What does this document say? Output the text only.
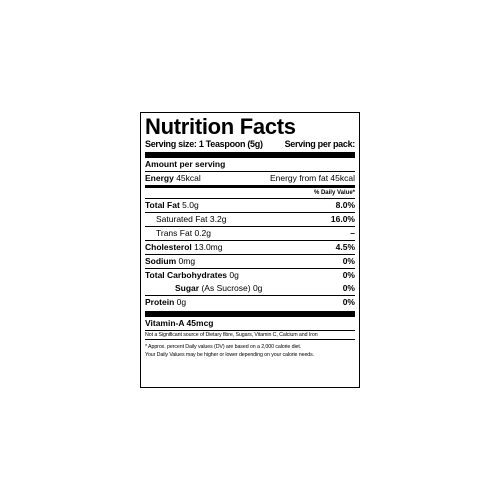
Nutrition Facts
Serving size: 1 Teaspoon (5g) Serving per pack:
Amount per serving
Energy 45kcal	Energy from fat 45kcal
% Daily Value*
Total Fat 5.0g	8.0%
Saturated Fat 3.2g	16.0%
Trans Fat 0.2g	–
Cholesterol 13.0mg	4.5%
Sodium 0mg	0%
Total Carbohydrates 0g	0%
Sugar (As Sucrose) 0g	0%
Protein 0g	0%
Vitamin-A 45mcg
Not a Significant source of Dietary fibre, Sugars, Vitamin C, Calcium and Iron
* Approx. percent Daily values (DV) are based on a 2,000 calorie diet.
Your Daily Values may be higher or lower depending on your calorie needs.
